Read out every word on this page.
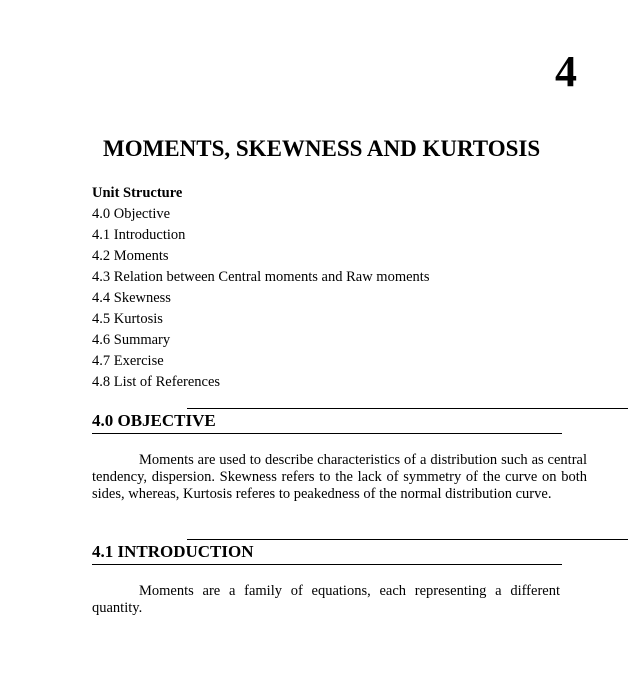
4
MOMENTS, SKEWNESS AND KURTOSIS
Unit Structure
4.0 Objective
4.1 Introduction
4.2 Moments
4.3 Relation between Central moments and Raw moments
4.4 Skewness
4.5 Kurtosis
4.6 Summary
4.7 Exercise
4.8 List of References
4.0 OBJECTIVE
Moments are used to describe characteristics of a distribution such as central tendency, dispersion. Skewness refers to the lack of symmetry of the curve on both sides, whereas, Kurtosis referes to peakedness of the normal distribution curve.
4.1 INTRODUCTION
Moments are a family of equations, each representing a different quantity.
